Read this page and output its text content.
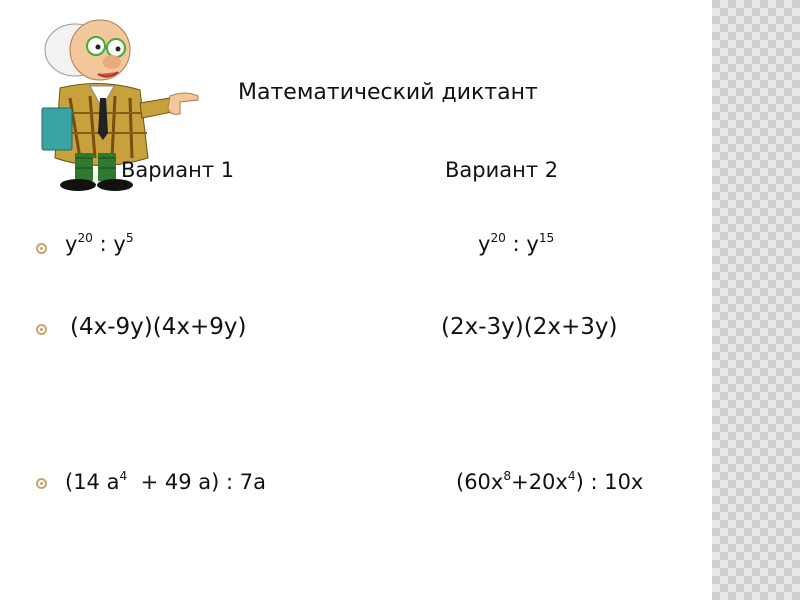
Математический диктант
Вариант 1	Вариант 2
$y^{20}$ : $y^5$	$y^{20}$ : $y^{15}$
(4x-9y)(4x+9y)	(2x-3y)(2x+3y)
(14 $a^4 + 49$ a) : 7a	$(60x^8+20x^4)$ : 10x
